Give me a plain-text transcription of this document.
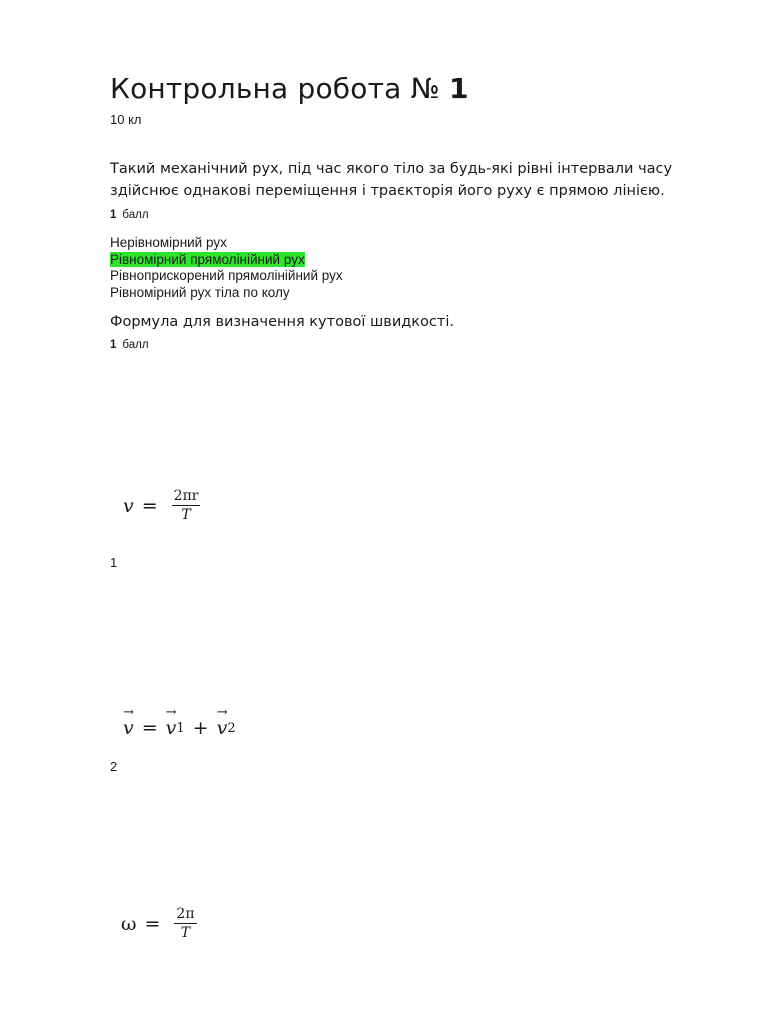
Контрольна робота № 1
10 кл
Такий механічний рух, під час якого тіло за будь-які рівні інтервали часу здійснює однакові переміщення і траєкторія його руху є прямою лінією.
1 балл
Нерівномірний рух
Рівномірний прямолінійний рух
Рівноприскорений прямолінійний рух
Рівномірний рух тіла по колу
Формула для визначення кутової швидкості.
1 балл
$v = \frac{2\pi r}{T}$
1
→ v = → v 1 + → v 2
2
$\omega = \frac{2\pi}{T}$
